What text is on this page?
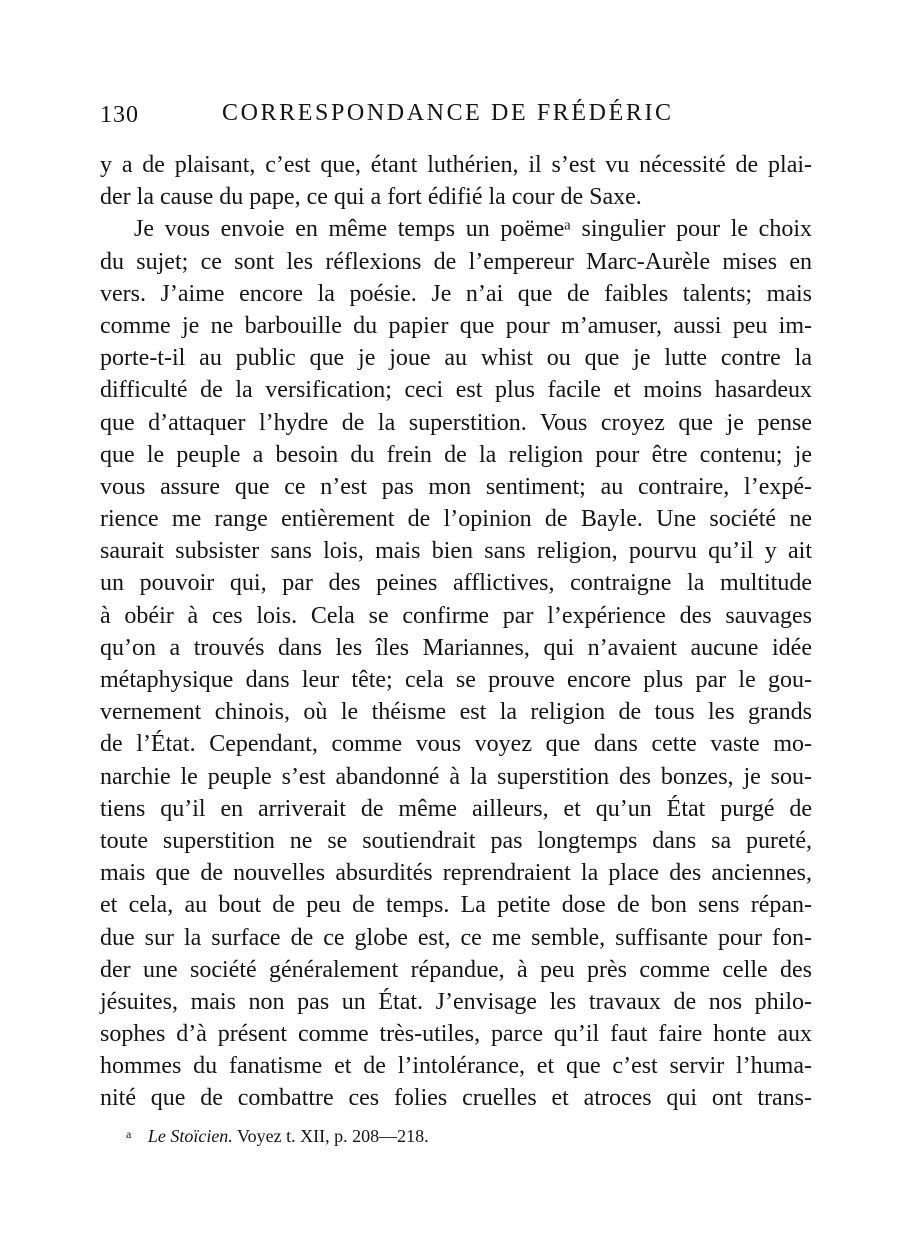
130	CORRESPONDANCE DE FRÉDÉRIC
y a de plaisant, c’est que, étant luthérien, il s’est vu nécessité de plai-
der la cause du pape, ce qui a fort édifié la cour de Saxe.
Je vous envoie en même temps un poëmeᵃ singulier pour le choix
du sujet; ce sont les réflexions de l’empereur Marc-Aurèle mises en
vers. J’aime encore la poésie. Je n’ai que de faibles talents; mais
comme je ne barbouille du papier que pour m’amuser, aussi peu im-
porte-t-il au public que je joue au whist ou que je lutte contre la
difficulté de la versification; ceci est plus facile et moins hasardeux
que d’attaquer l’hydre de la superstition. Vous croyez que je pense
que le peuple a besoin du frein de la religion pour être contenu; je
vous assure que ce n’est pas mon sentiment; au contraire, l’expé-
rience me range entièrement de l’opinion de Bayle. Une société ne
saurait subsister sans lois, mais bien sans religion, pourvu qu’il y ait
un pouvoir qui, par des peines afflictives, contraigne la multitude
à obéir à ces lois. Cela se confirme par l’expérience des sauvages
qu’on a trouvés dans les îles Mariannes, qui n’avaient aucune idée
métaphysique dans leur tête; cela se prouve encore plus par le gou-
vernement chinois, où le théisme est la religion de tous les grands
de l’État. Cependant, comme vous voyez que dans cette vaste mo-
narchie le peuple s’est abandonné à la superstition des bonzes, je sou-
tiens qu’il en arriverait de même ailleurs, et qu’un État purgé de
toute superstition ne se soutiendrait pas longtemps dans sa pureté,
mais que de nouvelles absurdités reprendraient la place des anciennes,
et cela, au bout de peu de temps. La petite dose de bon sens répan-
due sur la surface de ce globe est, ce me semble, suffisante pour fon-
der une société généralement répandue, à peu près comme celle des
jésuites, mais non pas un État. J’envisage les travaux de nos philo-
sophes d’à présent comme très-utiles, parce qu’il faut faire honte aux
hommes du fanatisme et de l’intolérance, et que c’est servir l’huma-
nité que de combattre ces folies cruelles et atroces qui ont trans-
$^a$ Le Stoïcien. Voyez t. XII, p. 208—218.
